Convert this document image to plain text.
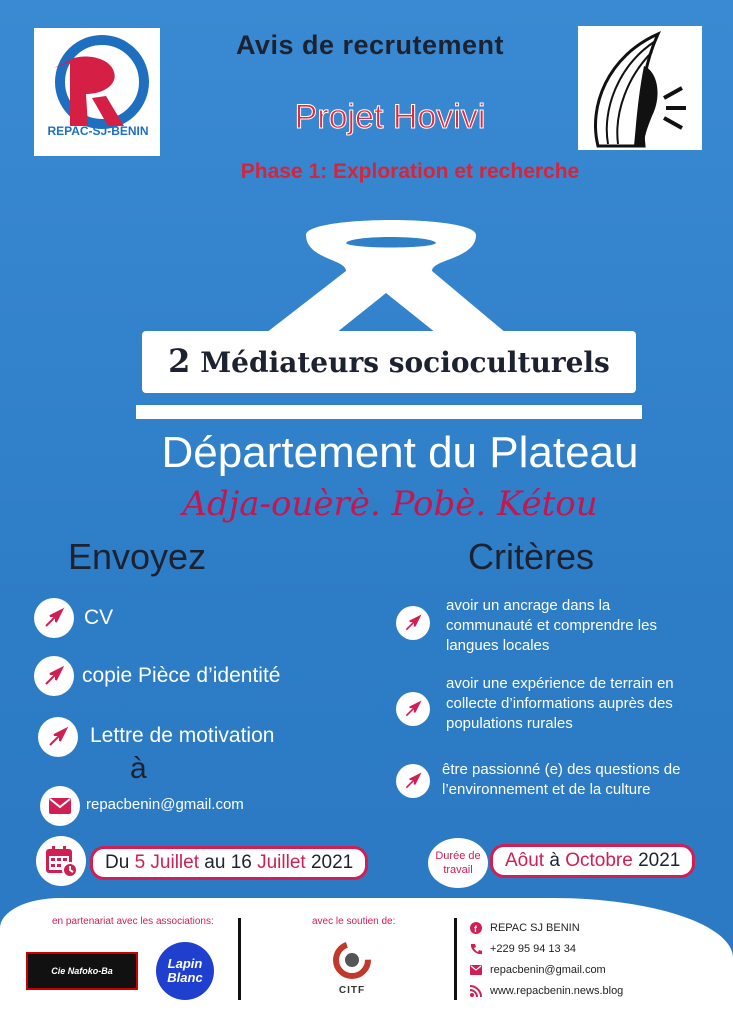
REPAC-SJ-BENIN
Avis de recrutement
Projet Hovivi
Phase 1: Exploration et recherche
2 Médiateurs socioculturels
Département du Plateau
Adja-ouèrè. Pobè. Kétou
Envoyez
CV
copie Pièce d’identité
Lettre de motivation
à
repacbenin@gmail.com
Critères
avoir un ancrage dans la communauté et comprendre les langues locales
avoir une expérience de terrain en collecte d’informations auprès des populations rurales
être passionné (e) des questions de l’environnement et de la culture
Du 5 Juillet au 16 Juillet 2021	Durée de travail	Aôut à Octobre 2021
en partenariat avec les associations:
Cie Nafoko-Ba	Lapin
Blanc
avec le soutien de:
CITF
f REPAC SJ BENIN
+229 95 94 13 34
repacbenin@gmail.com
www.repacbenin.news.blog
